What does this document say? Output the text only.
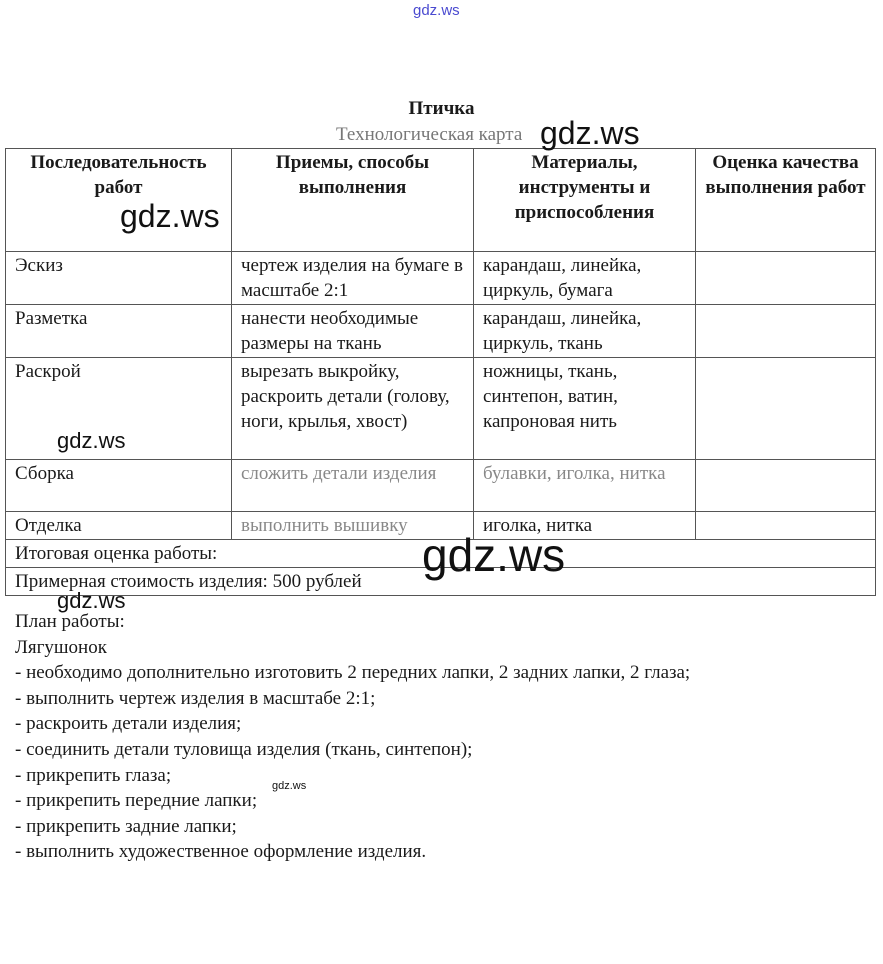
gdz.ws
Птичка
Технологическая карта
Последовательность работ	Приемы, способы выполнения	Материалы, инструменты и приспособления	Оценка качества выполнения работ
Эскиз	чертеж изделия на бумаге в масштабе 2:1	карандаш, линейка, циркуль, бумага	
Разметка	нанести необходимые размеры на ткань	карандаш, линейка, циркуль, ткань	
Раскрой	вырезать выкройку, раскроить детали (голову, ноги, крылья, хвост)	ножницы, ткань, синтепон, ватин, капроновая нить	
Сборка	сложить детали изделия	булавки, иголка, нитка	
Отделка	выполнить вышивку	иголка, нитка	
Итоговая оценка работы:			
Примерная стоимость изделия: 500 рублей			
План работы:
Лягушонок
- необходимо дополнительно изготовить 2 передних лапки, 2 задних лапки, 2 глаза;
- выполнить чертеж изделия в масштабе 2:1;
- раскроить детали изделия;
- соединить детали туловища изделия (ткань, синтепон);
- прикрепить глаза;
- прикрепить передние лапки;
- прикрепить задние лапки;
- выполнить художественное оформление изделия.
gdz.ws
gdz.ws
gdz.ws
gdz.ws
gdz.ws
gdz.ws
